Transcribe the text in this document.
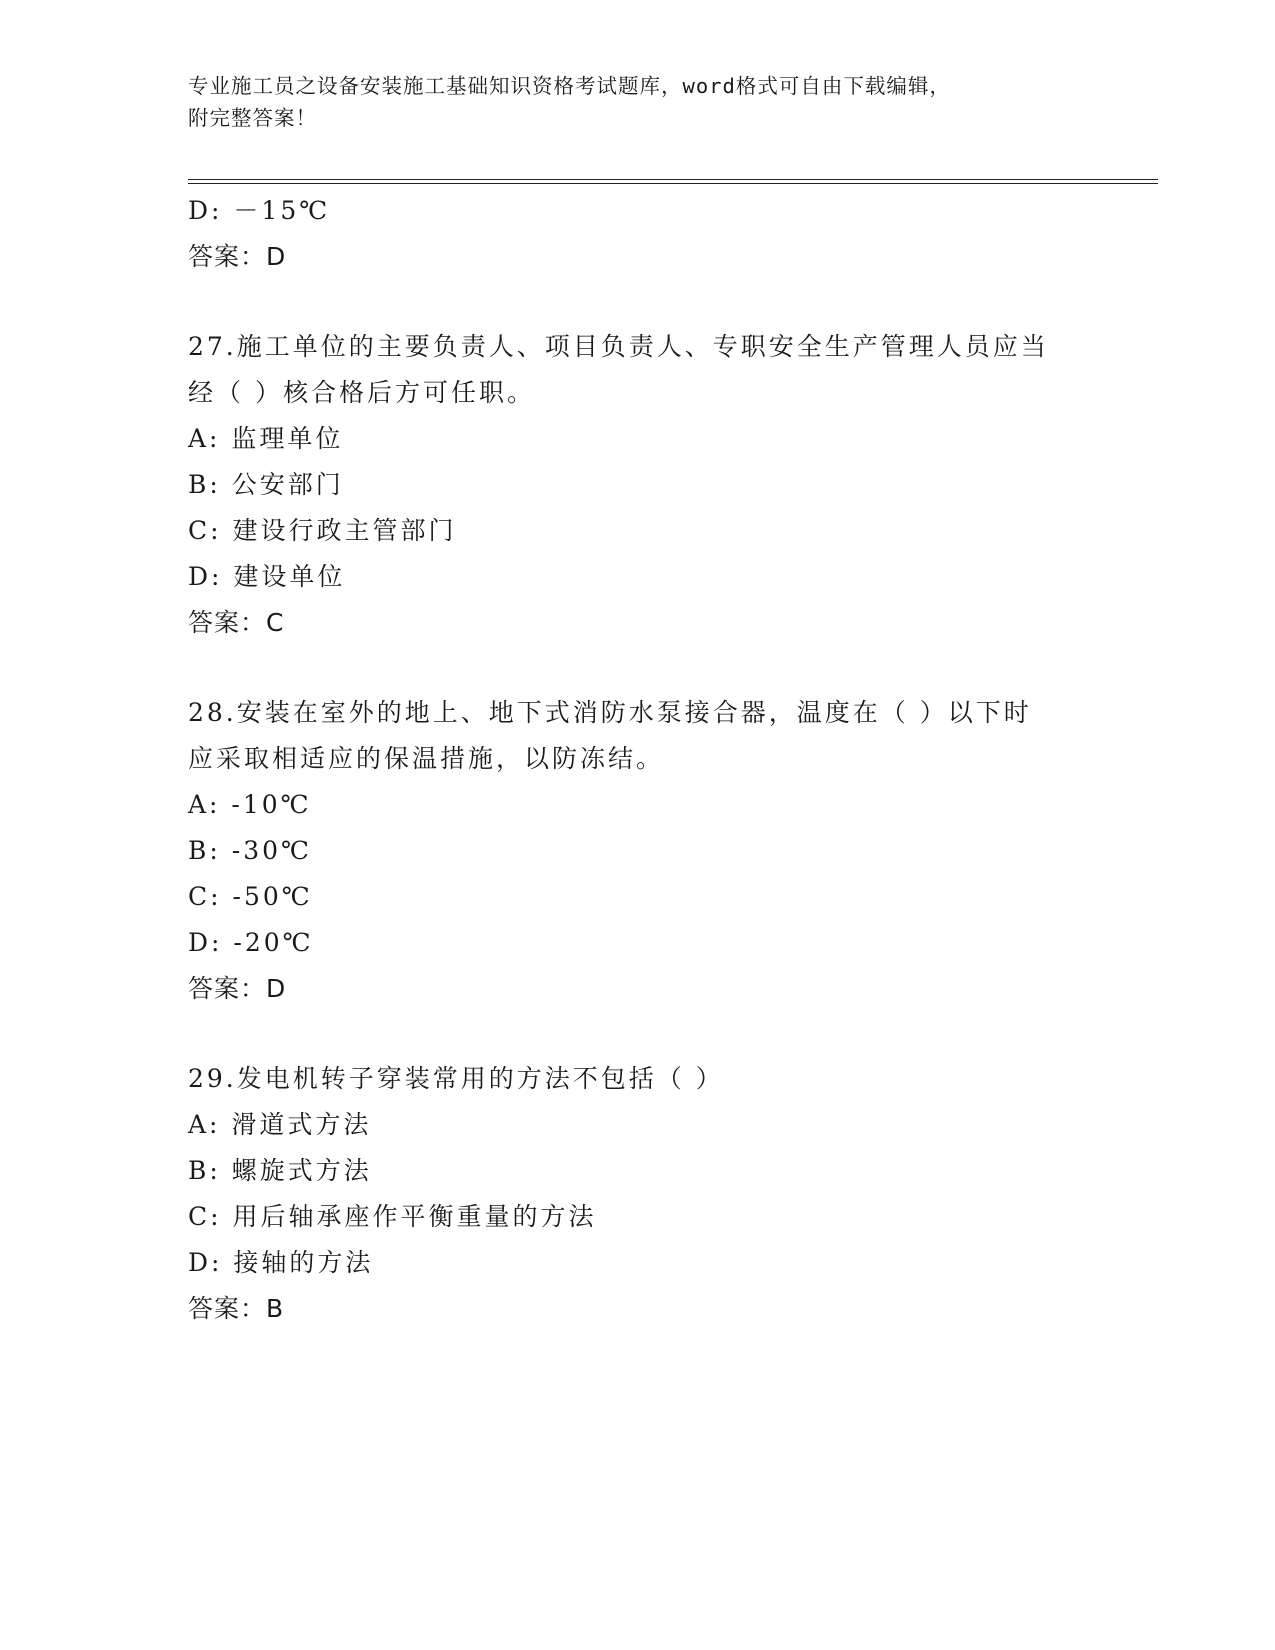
专业施工员之设备安装施工基础知识资格考试题库，word格式可自由下载编辑，
附完整答案！
D: －15℃
答案：D
27.施工单位的主要负责人、项目负责人、专职安全生产管理人员应当
经（ ）核合格后方可任职。
A: 监理单位
B: 公安部门
C: 建设行政主管部门
D: 建设单位
答案：C
28.安装在室外的地上、地下式消防水泵接合器，温度在（ ）以下时
应采取相适应的保温措施，以防冻结。
A: -10℃
B: -30℃
C: -50℃
D: -20℃
答案：D
29.发电机转子穿装常用的方法不包括（ ）
A: 滑道式方法
B: 螺旋式方法
C: 用后轴承座作平衡重量的方法
D: 接轴的方法
答案：B
